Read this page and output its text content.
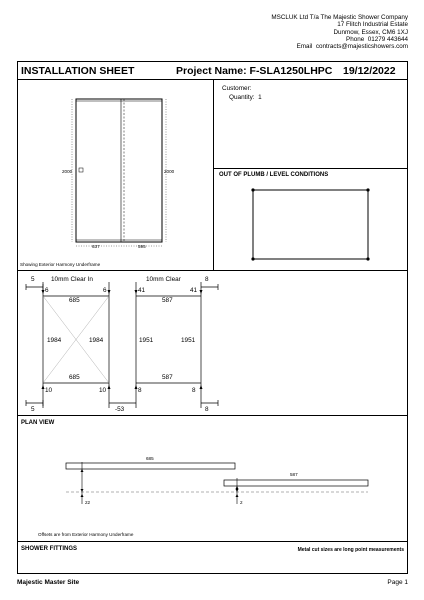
MSCLUK Ltd T/a The Majestic Shower Company
17 Flitch Industrial Estate
Dunmow, Essex, CM6 1XJ
Phone 01279 443644
Email contracts@majesticshowers.com
INSTALLATION SHEET	Project Name: F-SLA1250LHPC 19/12/2022
Customer:
Quantity: 1
OUT OF PLUMB / LEVEL CONDITIONS
2000	2000
637	595
Showing Exterior Harmony Underframe
10mm Clear In
5
5
6	6
685
1984	1984
685
10	10
10mm Clear	8
8
-53
41	41
587
1951	1951
587
8	8
PLAN VIEW
685
587
22	2
Offsets are from Exterior Harmony Underframe
SHOWER FITTINGS	Metal cut sizes are long point measurements
Majestic Master Site	Page 1
